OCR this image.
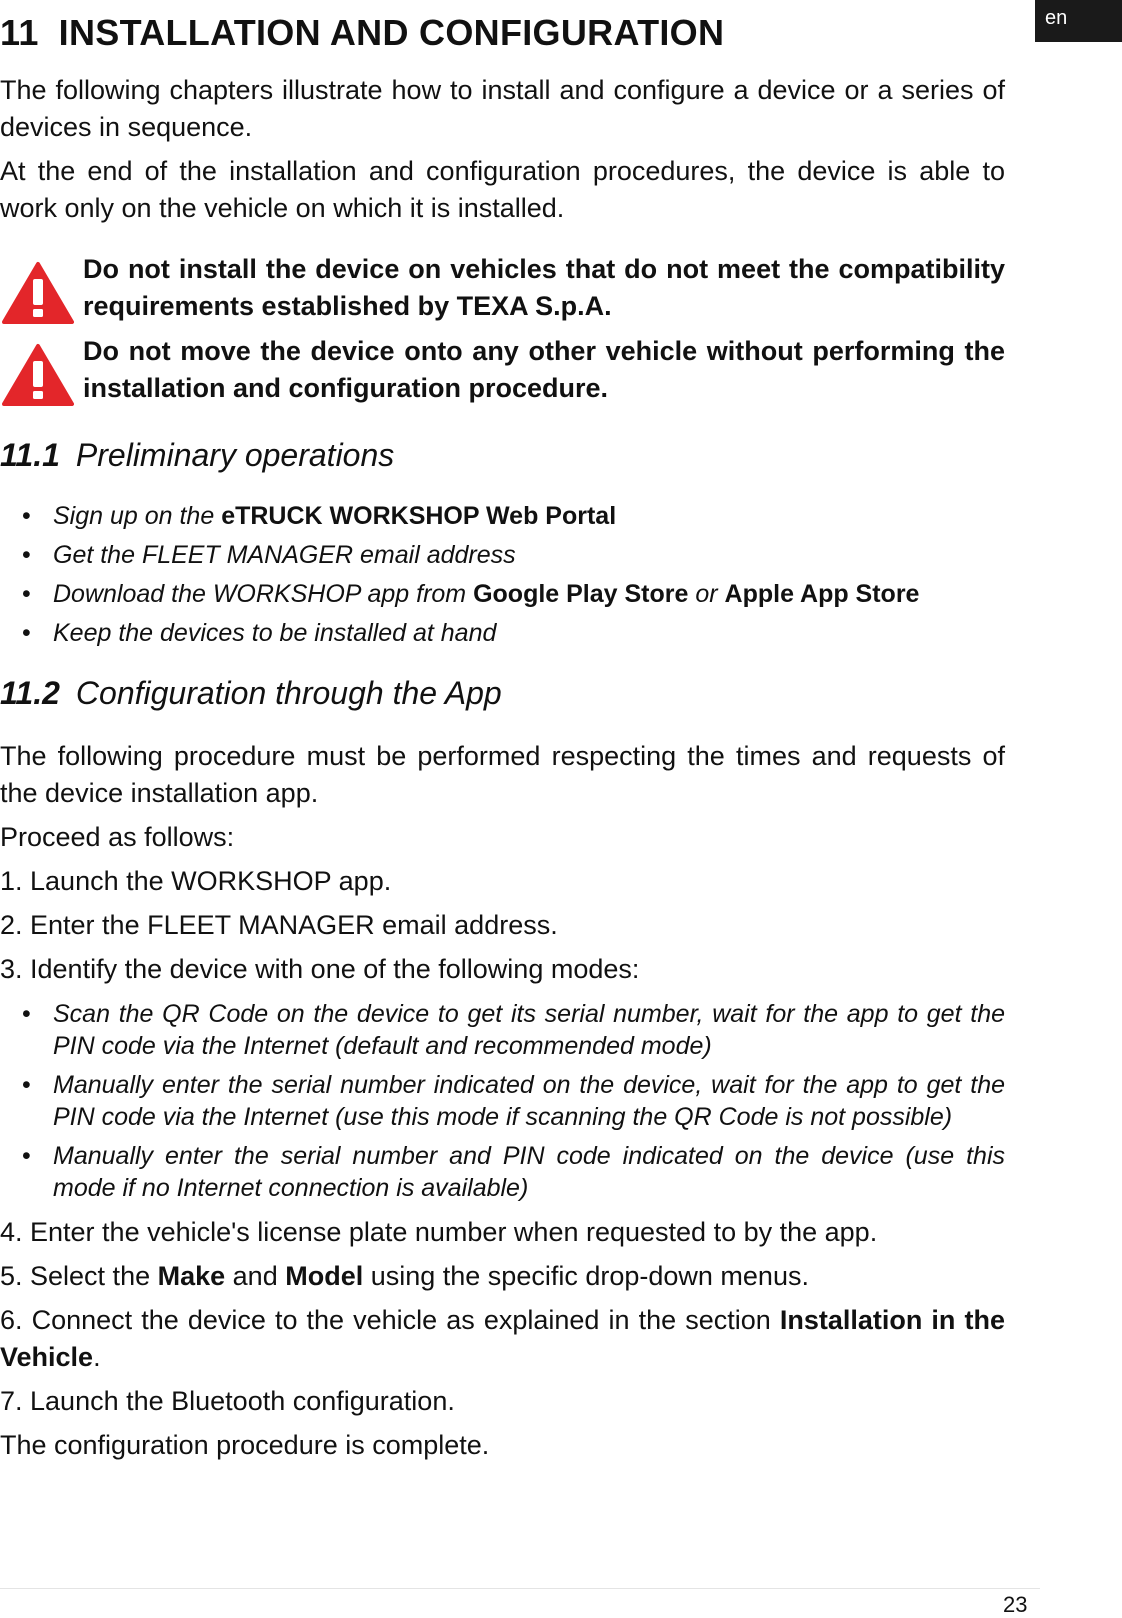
en
11 INSTALLATION AND CONFIGURATION

The following chapters illustrate how to install and configure a device or a series of devices in sequence.

At the end of the installation and configuration procedures, the device is able to work only on the vehicle on which it is installed.

Do not install the device on vehicles that do not meet the compatibility requirements established by TEXA S.p.A.
Do not move the device onto any other vehicle without performing the installation and configuration procedure.
11.1 Preliminary operations
• Sign up on the eTRUCK WORKSHOP Web Portal
• Get the FLEET MANAGER email address
• Download the WORKSHOP app from Google Play Store or Apple App Store
• Keep the devices to be installed at hand
11.2 Configuration through the App

The following procedure must be performed respecting the times and requests of the device installation app.

Proceed as follows:

1. Launch the WORKSHOP app.

2. Enter the FLEET MANAGER email address.

3. Identify the device with one of the following modes:

• Scan the QR Code on the device to get its serial number, wait for the app to get the PIN code via the Internet (default and recommended mode)
• Manually enter the serial number indicated on the device, wait for the app to get the PIN code via the Internet (use this mode if scanning the QR Code is not possible)
• Manually enter the serial number and PIN code indicated on the device (use this mode if no Internet connection is available)

4. Enter the vehicle's license plate number when requested to by the app.

5. Select the Make and Model using the specific drop-down menus.

6. Connect the device to the vehicle as explained in the section Installation in the Vehicle.

7. Launch the Bluetooth configuration.

The configuration procedure is complete.

23
